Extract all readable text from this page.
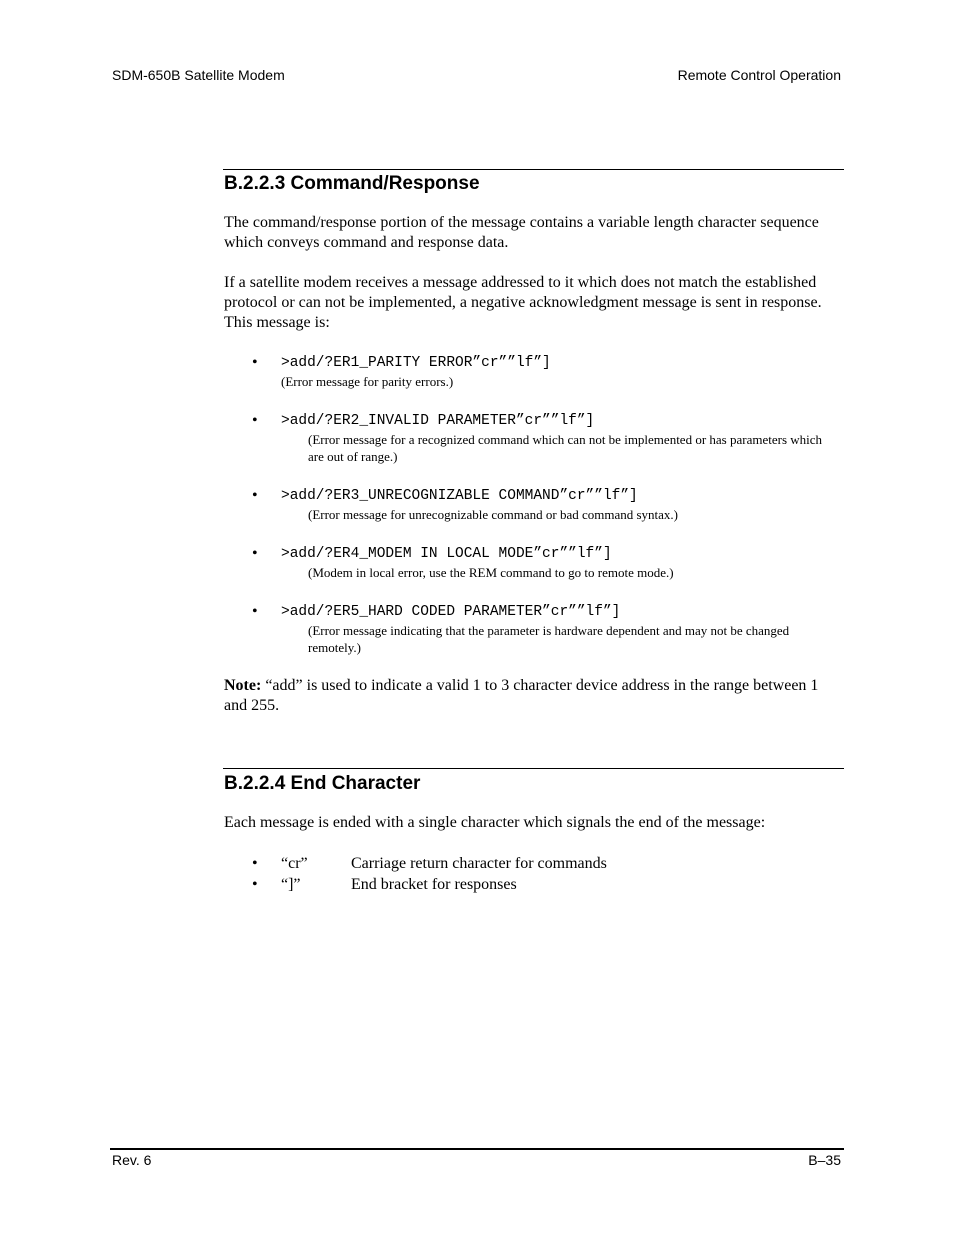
SDM-650B Satellite Modem	Remote Control Operation
B.2.2.3 Command/Response
The command/response portion of the message contains a variable length character sequence which conveys command and response data.
If a satellite modem receives a message addressed to it which does not match the established protocol or can not be implemented, a negative acknowledgment message is sent in response. This message is:
• >add/?ER1_PARITY ERROR”cr””lf”]
(Error message for parity errors.)
• >add/?ER2_INVALID PARAMETER”cr””lf”]
(Error message for a recognized command which can not be implemented or has parameters which are out of range.)
• >add/?ER3_UNRECOGNIZABLE COMMAND”cr””lf”]
(Error message for unrecognizable command or bad command syntax.)
• >add/?ER4_MODEM IN LOCAL MODE”cr””lf”]
(Modem in local error, use the REM command to go to remote mode.)
• >add/?ER5_HARD CODED PARAMETER”cr””lf”]
(Error message indicating that the parameter is hardware dependent and may not be changed remotely.)
Note: “add” is used to indicate a valid 1 to 3 character device address in the range between 1 and 255.
B.2.2.4 End Character
Each message is ended with a single character which signals the end of the message:
• “cr”	Carriage return character for commands
• “]”	End bracket for responses
Rev. 6	B–35
